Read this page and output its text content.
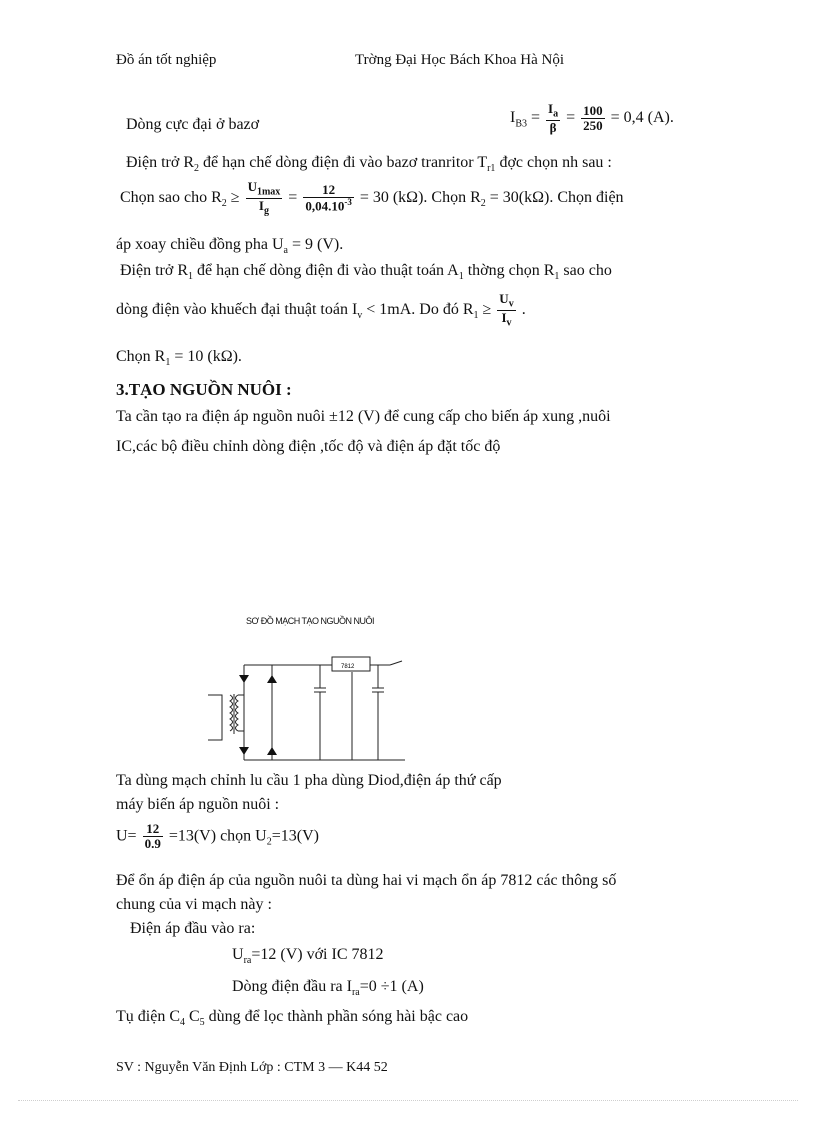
Đồ án tốt nghiệp	Trờng Đại Học Bách Khoa Hà Nội
Dòng cực đại ở bazơ	$I_{B3} = \frac{I_a}{\beta} = \frac{100}{250} = 0,4$ (A).
Điện trở $R_2$ để hạn chế dòng điện đi vào bazơ tranritor $T_{r1}$ đợc chọn nh sau :
Chọn sao cho $R_2 \ge \frac{U_{1max}}{I_g} = \frac{12}{0,04.10^{-3}} = 30$ (kΩ). Chọn $R_2 = 30(k\Omega)$. Chọn điện
áp xoay chiều đồng pha $U_a = 9$ (V).
Điện trở $R_1$ để hạn chế dòng điện đi vào thuật toán $A_1$ thờng chọn $R_1$ sao cho
dòng điện vào khuếch đại thuật toán $I_v < 1mA$. Do đó $R_1 \ge \frac{U_v}{I_v}$ .
Chọn $R_1 = 10$ (kΩ).
3.TẠO NGUỒN NUÔI :
Ta cần tạo ra điện áp nguồn nuôi ±12 (V) để cung cấp cho biến áp xung ,nuôi
IC,các bộ điều chỉnh dòng điện ,tốc độ và điện áp đặt tốc độ
SƠ ĐỒ MẠCH TẠO NGUỒN NUÔI
7812
Ta dùng mạch chỉnh lu cầu 1 pha dùng Diod,điện áp thứ cấp
máy biến áp nguồn nuôi :
$U= \frac{12}{0.9} =13(V)$ chọn $U_2=13(V)$
Để ổn áp điện áp của nguồn nuôi ta dùng hai vi mạch ổn áp 7812 các thông số
chung của vi mạch này :
Điện áp đầu vào ra:
$U_{ra}=12$ (V) với IC 7812
Dòng điện đầu ra $I_{ra}=0 \div 1$ (A)
Tụ điện $C_4$ $C_5$ dùng để lọc thành phần sóng hài bậc cao
SV : Nguyễn Văn Định Lớp : CTM 3 — K44 52
